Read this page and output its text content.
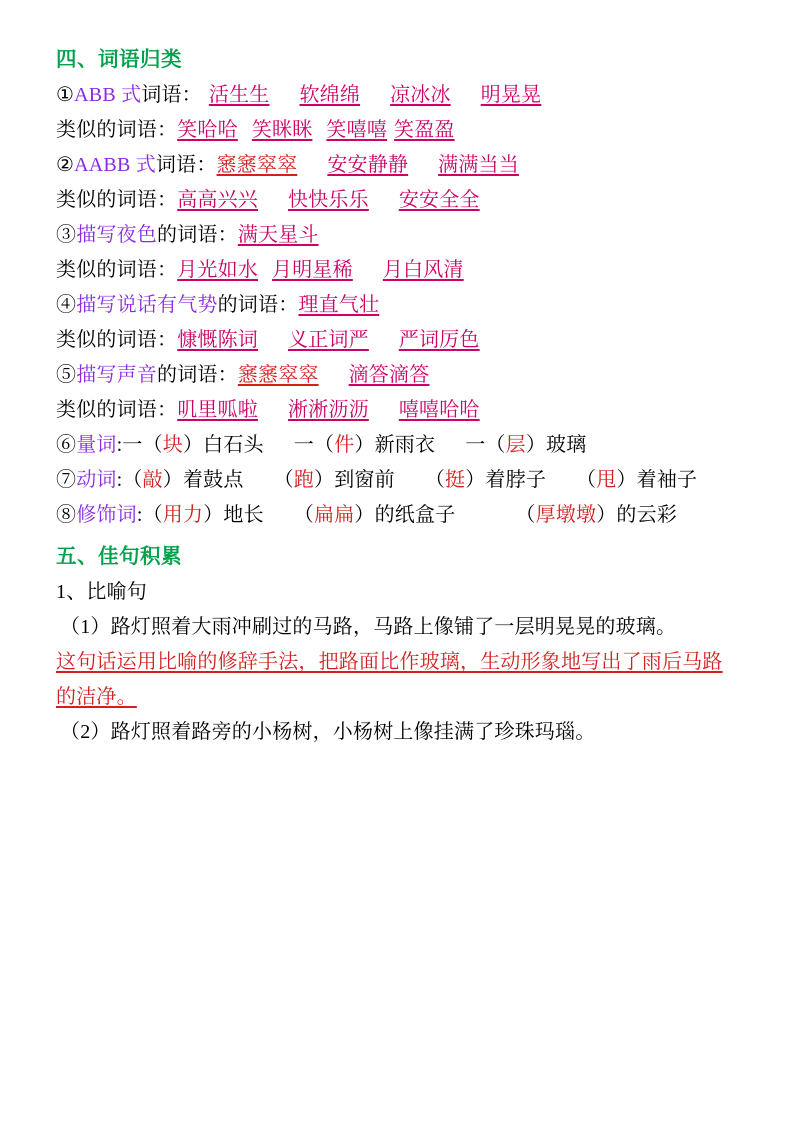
四、词语归类
①ABB 式词语： 活生生 软绵绵 凉冰冰 明晃晃
类似的词语：笑哈哈 笑眯眯 笑嘻嘻 笑盈盈
②AABB 式词语：窸窸窣窣 安安静静 满满当当
类似的词语：高高兴兴 快快乐乐 安安全全
③描写夜色的词语：满天星斗
类似的词语：月光如水 月明星稀 月白风清
④描写说话有气势的词语：理直气壮
类似的词语：慷慨陈词 义正词严 严词厉色
⑤描写声音的词语：窸窸窣窣 滴答滴答
类似的词语：叽里呱啦 淅淅沥沥 嘻嘻哈哈
⑥量词:一（块）白石头 一（件）新雨衣 一（层）玻璃
⑦动词:（敲）着鼓点 （跑）到窗前 （挺）着脖子 （甩）着袖子
⑧修饰词:（用力）地长 （扁扁）的纸盒子	（厚墩墩）的云彩
五、佳句积累
1、比喻句
（1）路灯照着大雨冲刷过的马路，马路上像铺了一层明晃晃的玻璃。
这句话运用比喻的修辞手法，把路面比作玻璃，生动形象地写出了雨后马路的洁净。
（2）路灯照着路旁的小杨树，小杨树上像挂满了珍珠玛瑙。
